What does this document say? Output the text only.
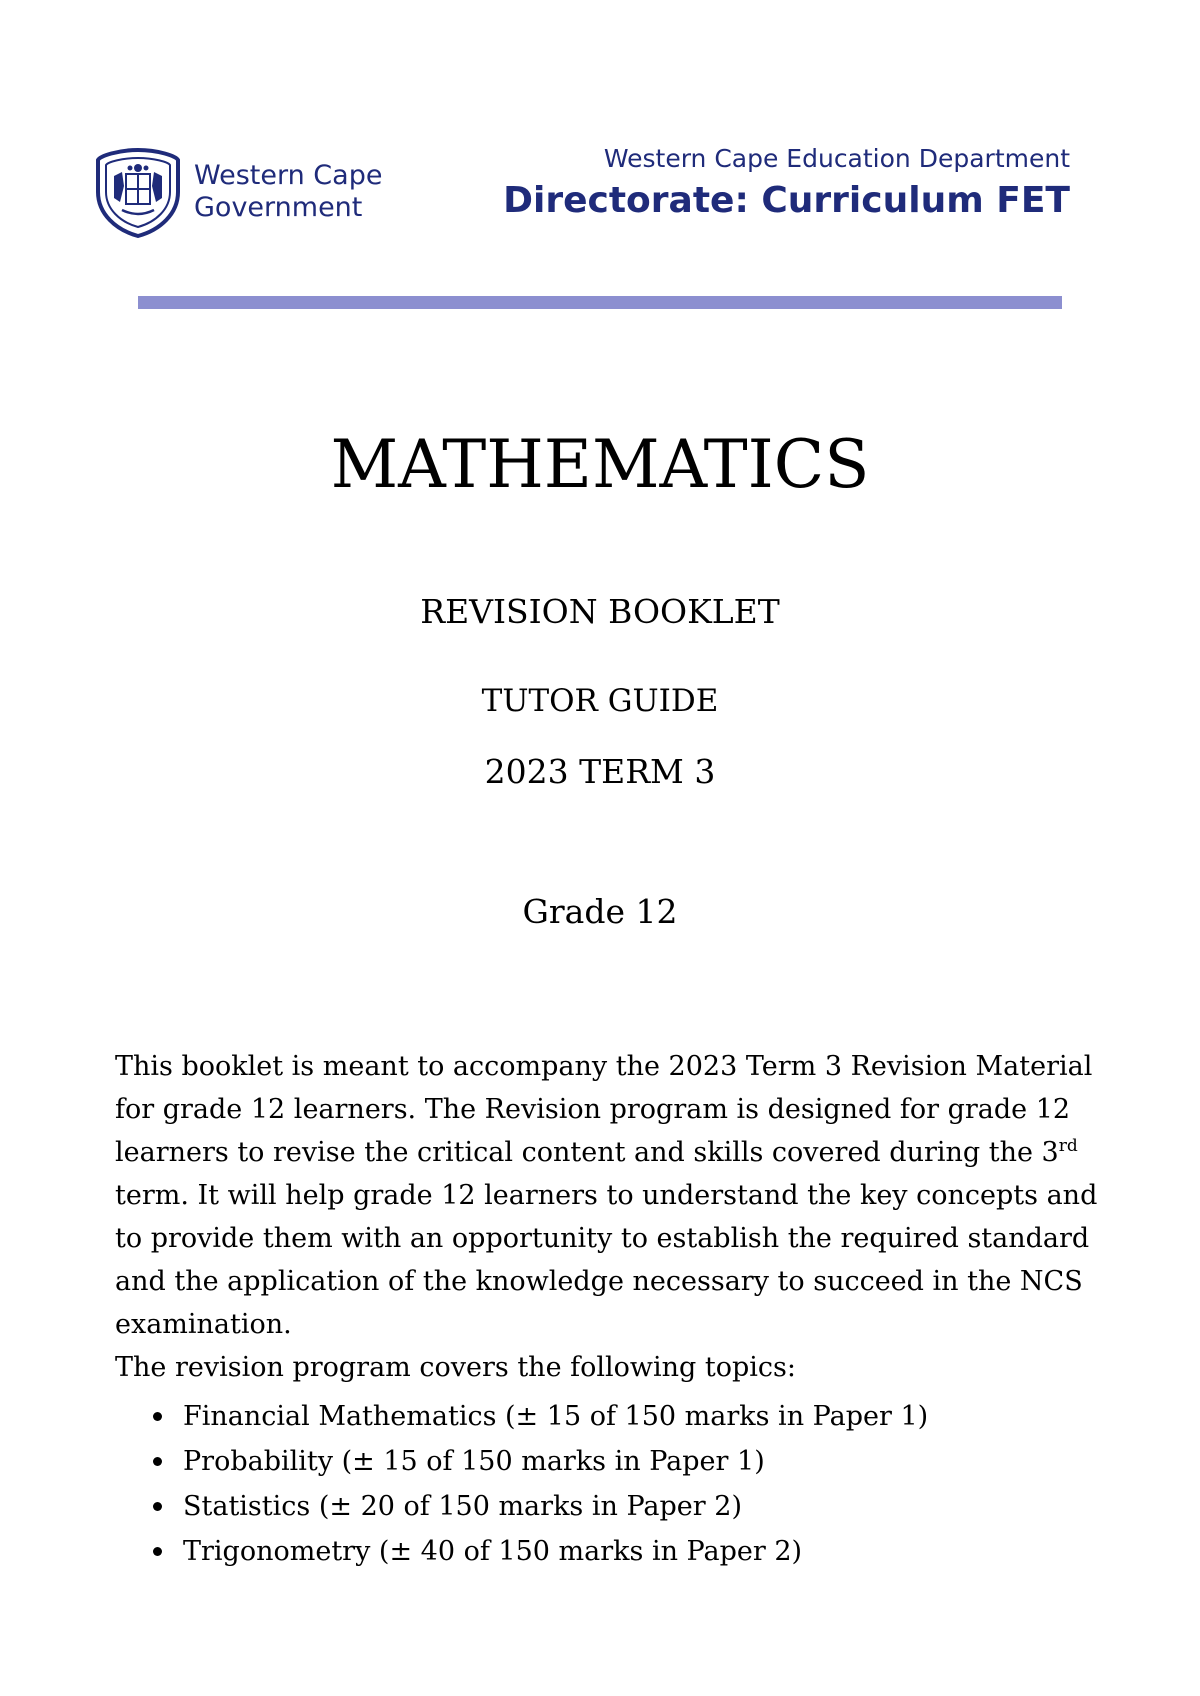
Western Cape
Government
Western Cape Education Department
Directorate: Curriculum FET
MATHEMATICS
REVISION BOOKLET
TUTOR GUIDE
2023 TERM 3
Grade 12

This booklet is meant to accompany the 2023 Term 3 Revision Material for grade 12 learners. The Revision program is designed for grade 12 learners to revise the critical content and skills covered during the 3rd term. It will help grade 12 learners to understand the key concepts and to provide them with an opportunity to establish the required standard and the application of the knowledge necessary to succeed in the NCS examination.

The revision program covers the following topics:

Financial Mathematics (± 15 of 150 marks in Paper 1)
Probability (± 15 of 150 marks in Paper 1)
Statistics (± 20 of 150 marks in Paper 2)
Trigonometry (± 40 of 150 marks in Paper 2)
